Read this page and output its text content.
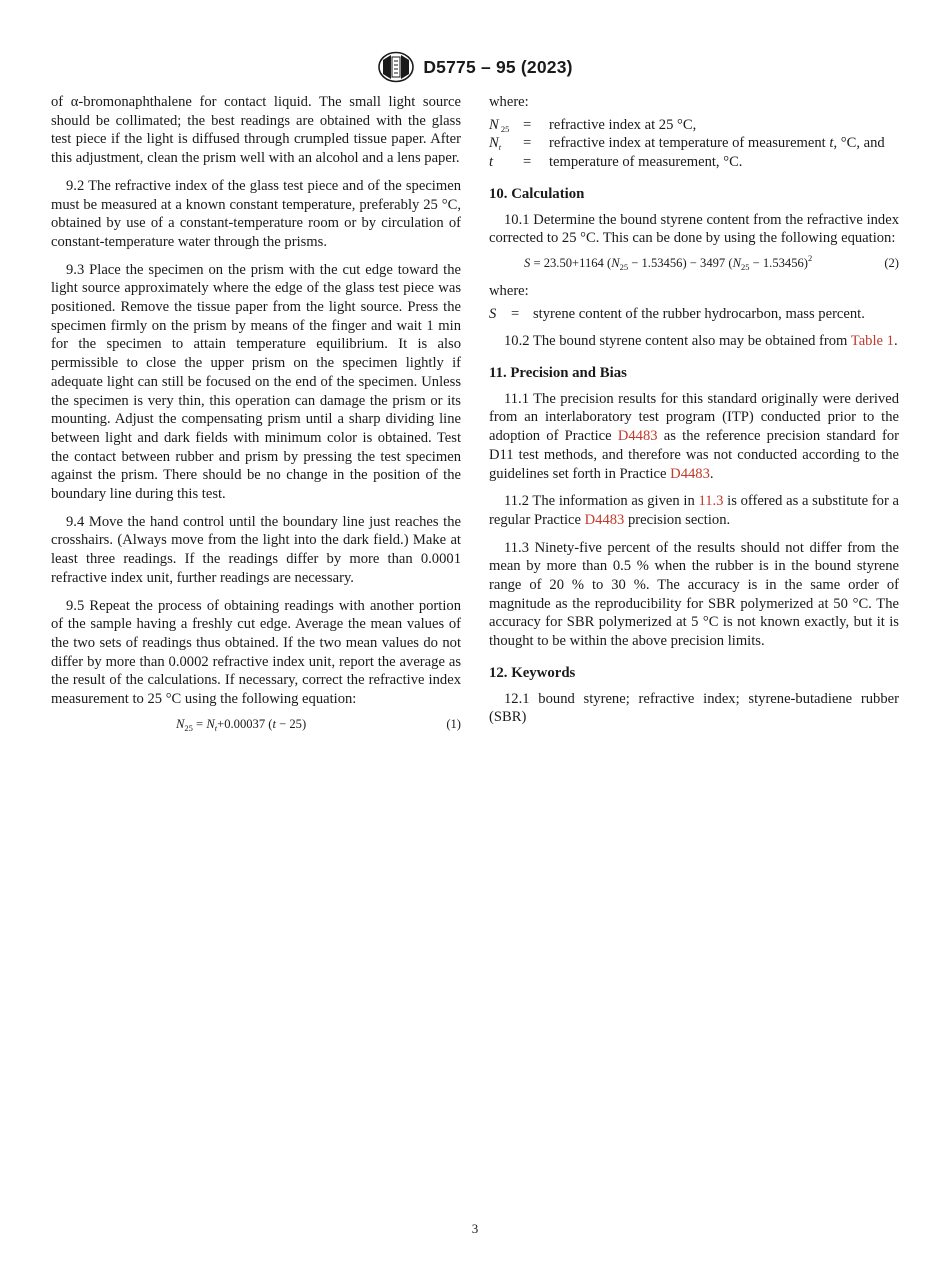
D5775 – 95 (2023)

of α-bromonaphthalene for contact liquid. The small light source should be collimated; the best readings are obtained with the glass test piece if the light is diffused through crumpled tissue paper. After this adjustment, clean the prism well with an alcohol and a lens paper.

9.2 The refractive index of the glass test piece and of the specimen must be measured at a known constant temperature, preferably 25 °C, obtained by use of a constant-temperature room or by circulation of constant-temperature water through the prisms.

9.3 Place the specimen on the prism with the cut edge toward the light source approximately where the edge of the glass test piece was positioned. Remove the tissue paper from the light source. Press the specimen firmly on the prism by means of the finger and wait 1 min for the specimen to attain temperature equilibrium. It is also permissible to close the upper prism on the specimen lightly if adequate light can still be focused on the end of the specimen. Unless the specimen is very thin, this operation can damage the prism or its mounting. Adjust the compensating prism until a sharp dividing line between light and dark fields with minimum color is obtained. Test the contact between rubber and prism by pressing the test specimen against the prism. There should be no change in the position of the boundary line during this test.

9.4 Move the hand control until the boundary line just reaches the crosshairs. (Always move from the light into the dark field.) Make at least three readings. If the readings differ by more than 0.0001 refractive index unit, further readings are necessary.

9.5 Repeat the process of obtaining readings with another portion of the sample having a freshly cut edge. Average the mean values of the two sets of readings thus obtained. If the two mean values do not differ by more than 0.0002 refractive index unit, report the average as the result of the calculations. If necessary, correct the refractive index measurement to 25 °C using the following equation:

$N_{25} = N_t+0.00037$ (t − 25)	(1)

where:

N $_{25}$ =	refractive index at 25 °C,
$N_t$	=	refractive index at temperature of measurement t, °C, and
t	=	temperature of measurement, °C.
10. Calculation

10.1 Determine the bound styrene content from the refractive index corrected to 25 °C. This can be done by using the following equation:

S = 23.50+1164 $(N_{25} - 1.53456) - 3497$ $(N_{25} - 1.53456)^2$	(2)

where:

S	= styrene content of the rubber hydrocarbon, mass percent.

10.2 The bound styrene content also may be obtained from Table 1.

11. Precision and Bias

11.1 The precision results for this standard originally were derived from an interlaboratory test program (ITP) conducted prior to the adoption of Practice D4483 as the reference precision standard for D11 test methods, and therefore was not conducted according to the guidelines set forth in Practice D4483.

11.2 The information as given in 11.3 is offered as a substitute for a regular Practice D4483 precision section.

11.3 Ninety-five percent of the results should not differ from the mean by more than 0.5 % when the rubber is in the bound styrene range of 20 % to 30 %. The accuracy is in the same order of magnitude as the reproducibility for SBR polymerized at 50 °C. The accuracy for SBR polymerized at 5 °C is not known exactly, but it is thought to be within the above precision limits.

12. Keywords

12.1 bound styrene; refractive index; styrene-butadiene rubber (SBR)

3
